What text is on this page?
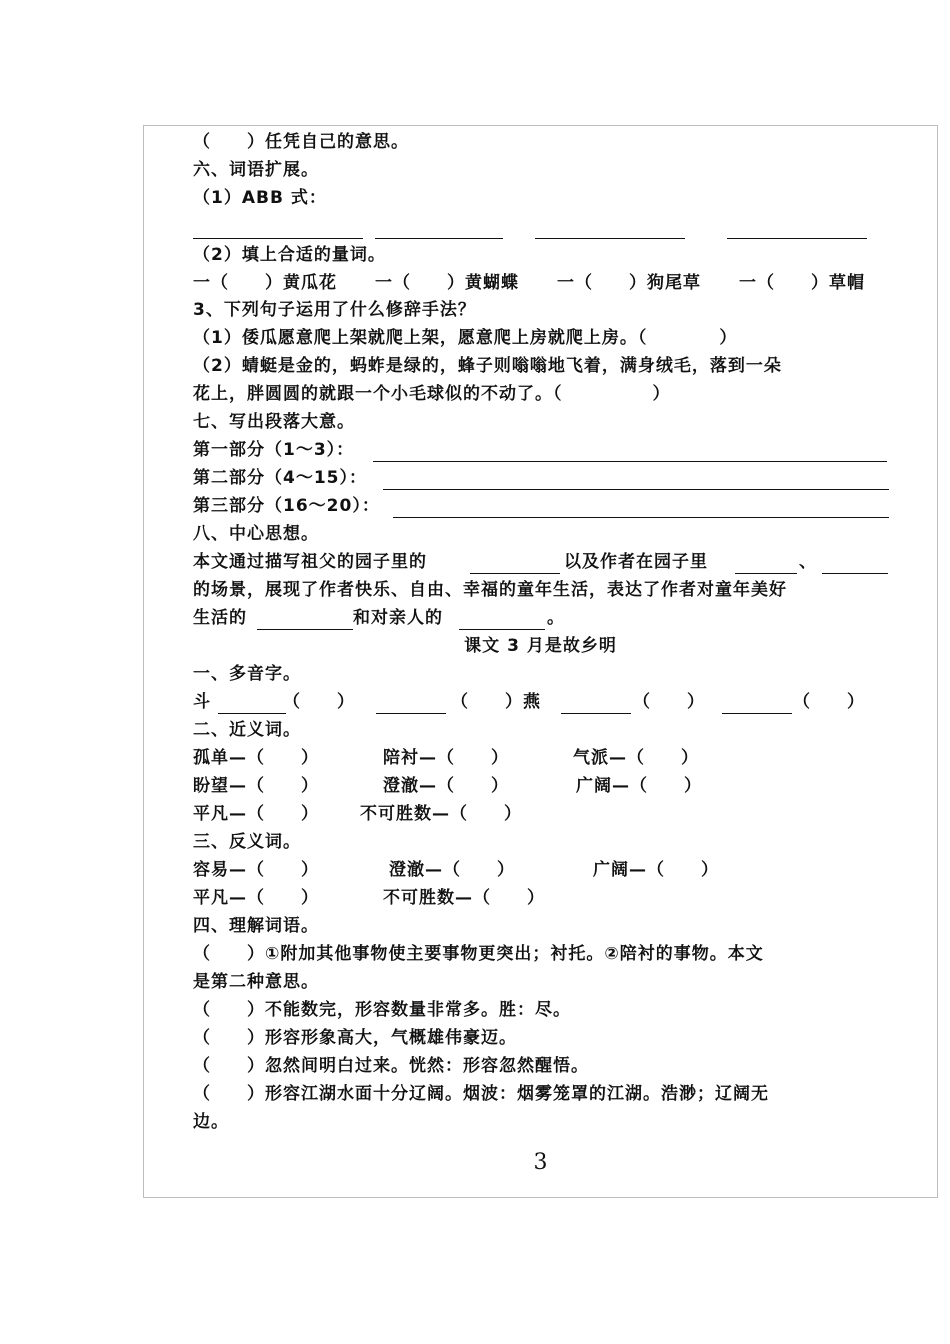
（　　）任凭自己的意思。
六、词语扩展。
（1）ABB 式：
（2）填上合适的量词。
一（　　）黄瓜花 一（　　）黄蝴蝶 一（　　）狗尾草 一（　　）草帽
3、下列句子运用了什么修辞手法？
（1）倭瓜愿意爬上架就爬上架，愿意爬上房就爬上房。（　　　　）
（2）蜻蜓是金的，蚂蚱是绿的，蜂子则嗡嗡地飞着，满身绒毛，落到一朵
花上，胖圆圆的就跟一个小毛球似的不动了。（　　　　　）
七、写出段落大意。
第一部分（1～3）：
第二部分（4～15）：
第三部分（16～20）：
八、中心思想。
本文通过描写祖父的园子里的	以及作者在园子里	、
的场景，展现了作者快乐、自由、幸福的童年生活，表达了作者对童年美好
生活的	和对亲人的	。
课文 3 月是故乡明
一、多音字。
斗	（　　）	（　　）燕	（　　）	（　　）
二、近义词。
孤单—（　　）	陪衬—（　　）	气派—（　　）
盼望—（　　）	澄澈—（　　）	广阔—（　　）
平凡—（　　） 不可胜数—（　　）
三、反义词。
容易—（　　）	澄澈—（　　）	广阔—（　　）
平凡—（　　）	不可胜数—（　　）
四、理解词语。
（　　）①附加其他事物使主要事物更突出；衬托。②陪衬的事物。本文
是第二种意思。
（　　）不能数完，形容数量非常多。胜：尽。
（　　）形容形象高大，气概雄伟豪迈。
（　　）忽然间明白过来。恍然：形容忽然醒悟。
（　　）形容江湖水面十分辽阔。烟波：烟雾笼罩的江湖。浩渺；辽阔无
边。
3
